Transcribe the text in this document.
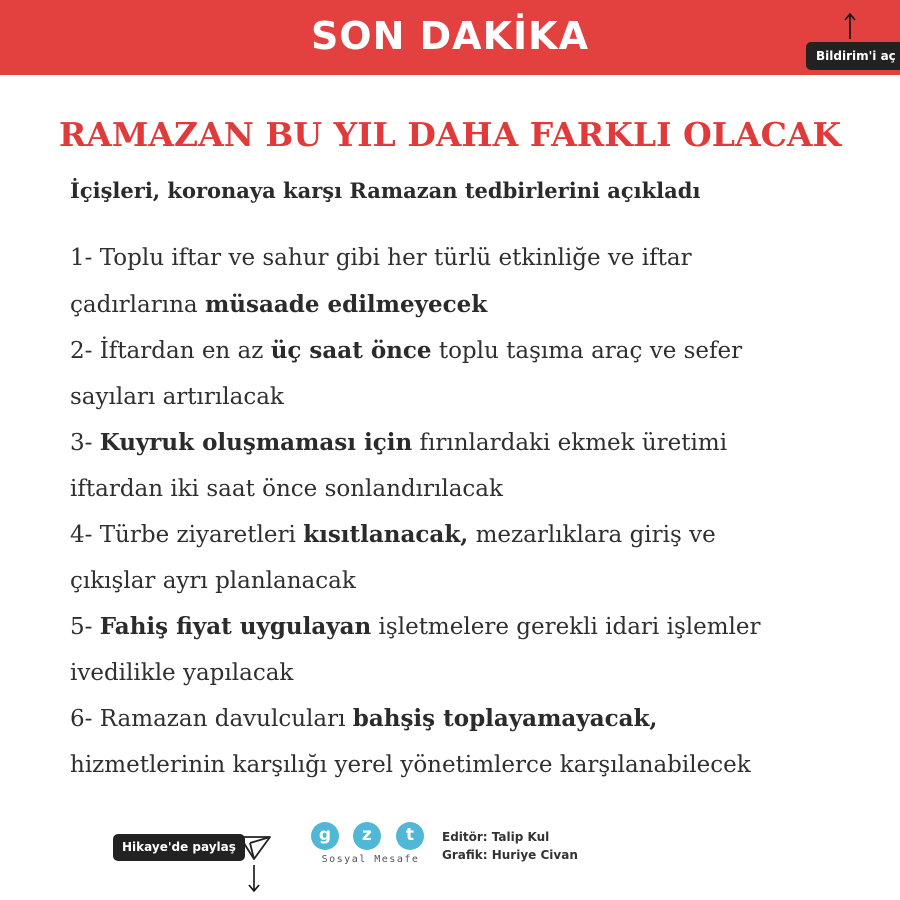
SON DAKİKA	Bildirim'i aç
RAMAZAN BU YIL DAHA FARKLI OLACAK
İçişleri, koronaya karşı Ramazan tedbirlerini açıkladı
1- Toplu iftar ve sahur gibi her türlü etkinliğe ve iftar
çadırlarına müsaade edilmeyecek
2- İftardan en az üç saat önce toplu taşıma araç ve sefer
sayıları artırılacak
3- Kuyruk oluşmaması için fırınlardaki ekmek üretimi
iftardan iki saat önce sonlandırılacak
4- Türbe ziyaretleri kısıtlanacak, mezarlıklara giriş ve
çıkışlar ayrı planlanacak
5- Fahiş fiyat uygulayan işletmelere gerekli idari işlemler
ivedilikle yapılacak
6- Ramazan davulcuları bahşiş toplayamayacak,
hizmetlerinin karşılığı yerel yönetimlerce karşılanabilecek
Hikaye'de paylaş
g	z	t
Sosyal Mesafe
Editör: Talip Kul
Grafik: Huriye Civan
